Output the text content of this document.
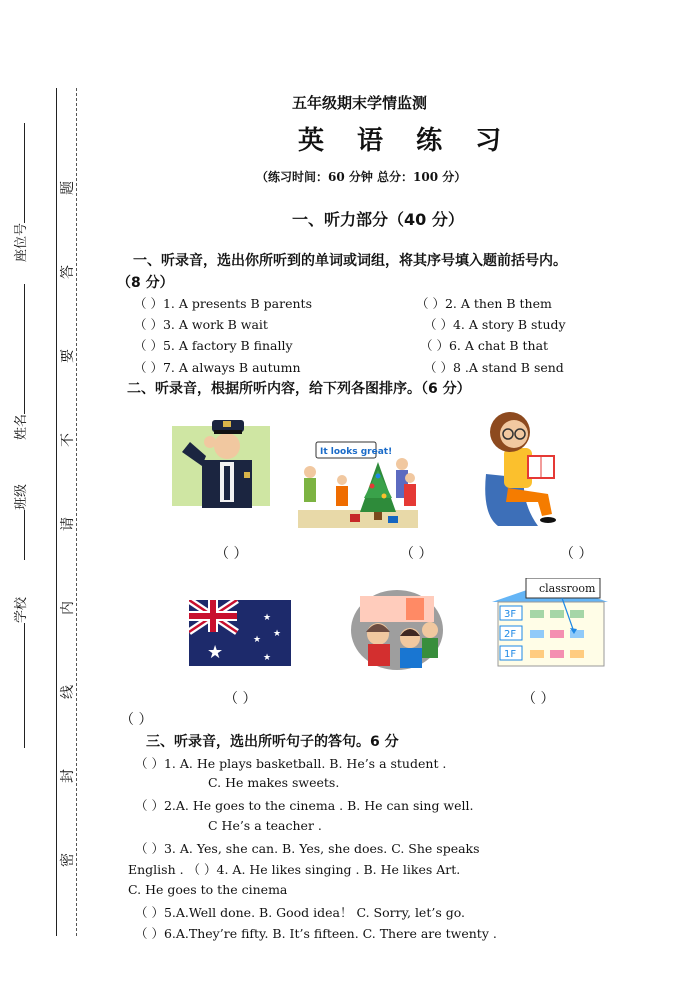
题
答
要
不
请
内
线
封
密
座位号
姓名
班级
学校
五年级期末学情监测
英 语 练 习
（练习时间：60 分钟 总分：100 分）
一、听力部分（40 分）
一、听录音，选出你所听到的单词或词组，将其序号填入题前括号内。
（8 分）
（ ）1. A presents B parents	（ ）2. A then B them
（ ）3. A work B wait	（ ）4. A story B study
（ ）5. A factory B finally	（ ）6. A chat B that
（ ）7. A always B autumn	（ ）8 .A stand B send
二、听录音，根据所听内容，给下列各图排序。（6 分）
It looks great!
（ ）	（ ）	（ ）
★
★
★
★
★
3F
2F
1F
classroom
（ ）	（ ）
（ ）
三、听录音，选出所听句子的答句。6 分
（ ）1. A. He plays basketball. B. He’s a student .
C. He makes sweets.
（ ）2.A. He goes to the cinema . B. He can sing well.
C He’s a teacher .
（ ）3. A. Yes, she can. B. Yes, she does. C. She speaks
English . （ ）4. A. He likes singing . B. He likes Art.
C. He goes to the cinema
（ ）5.A.Well done. B. Good idea！ C. Sorry, let’s go.
（ ）6.A.They’re fifty. B. It’s fifteen. C. There are twenty .
